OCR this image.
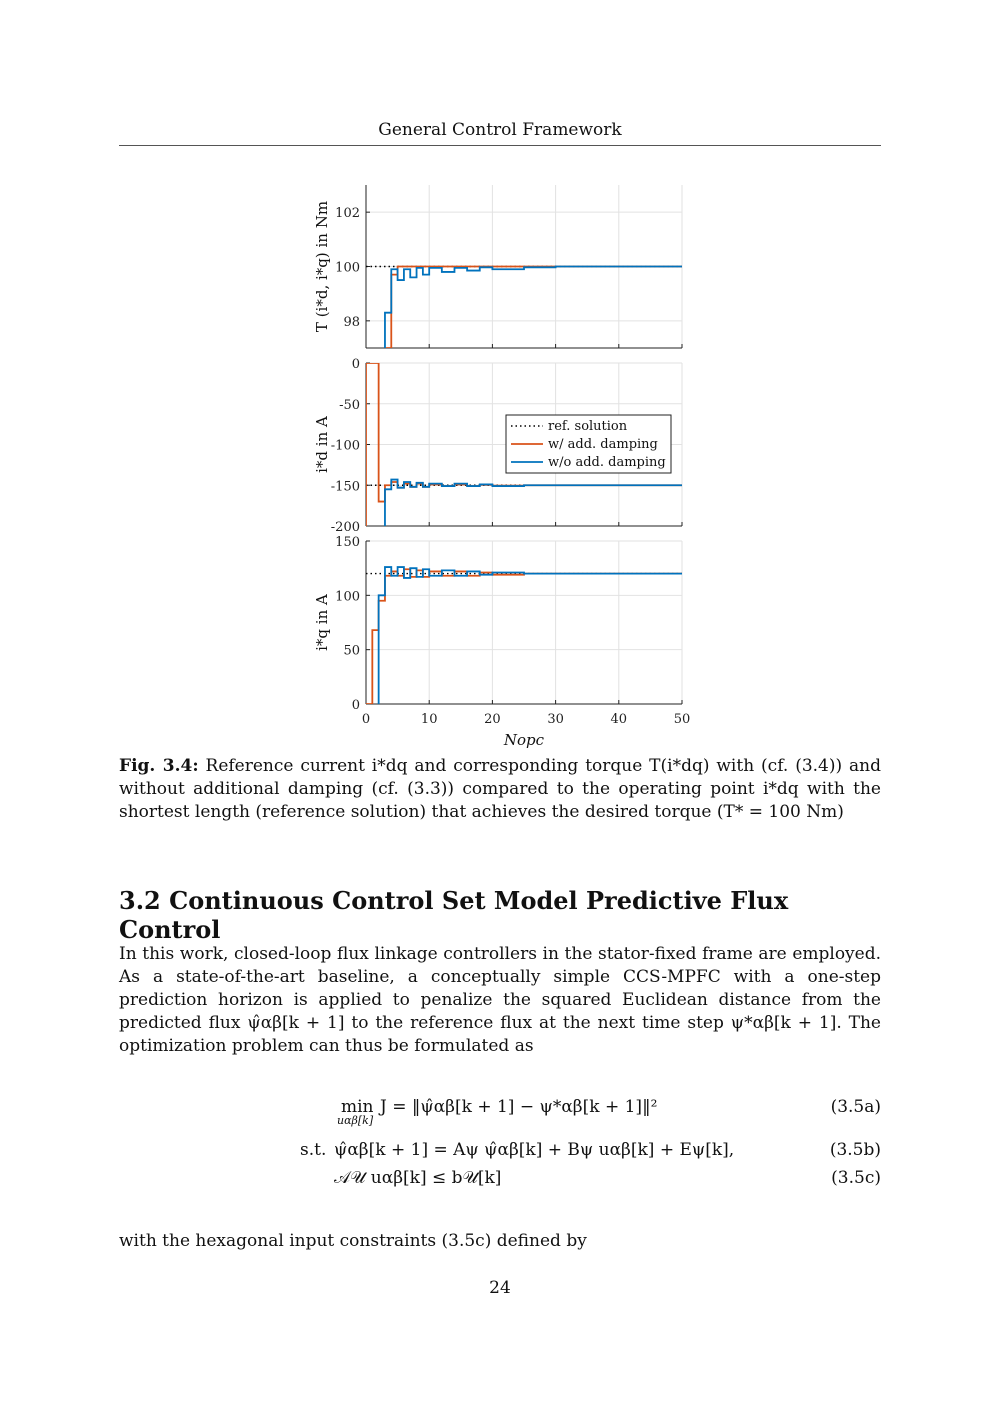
General Control Framework
98
100
102
T (i*d, i*q) in Nm
0
-50
-100
-150
-200
i*d in A	ref. solution
w/ add. damping
w/o add. damping
0
50
100
150
0	10	20	30	40	50
i*q in A
Nopc
Fig. 3.4: Reference current i*dq and corresponding torque T(i*dq) with (cf. (3.4)) and without additional damping (cf. (3.3)) compared to the operating point i*dq with the shortest length (reference solution) that achieves the desired torque (T* = 100 Nm)
3.2 Continuous Control Set Model Predictive Flux Control
In this work, closed-loop flux linkage controllers in the stator-fixed frame are employed. As a state-of-the-art baseline, a conceptually simple CCS-MPFC with a one-step prediction horizon is applied to penalize the squared Euclidean distance from the predicted flux ψ̂αβ[k + 1] to the reference flux at the next time step ψ*αβ[k + 1]. The optimization problem can thus be formulated as
min
uαβ[k]
J = ‖ψ̂αβ[k + 1] − ψ*αβ[k + 1]‖²	(3.5a)
s.t. ψ̂αβ[k + 1] = Aψ ψ̂αβ[k] + Bψ uαβ[k] + Eψ[k],	(3.5b)
𝒜𝒰 uαβ[k] ≤ b𝒰[k]	(3.5c)
with the hexagonal input constraints (3.5c) defined by
24
